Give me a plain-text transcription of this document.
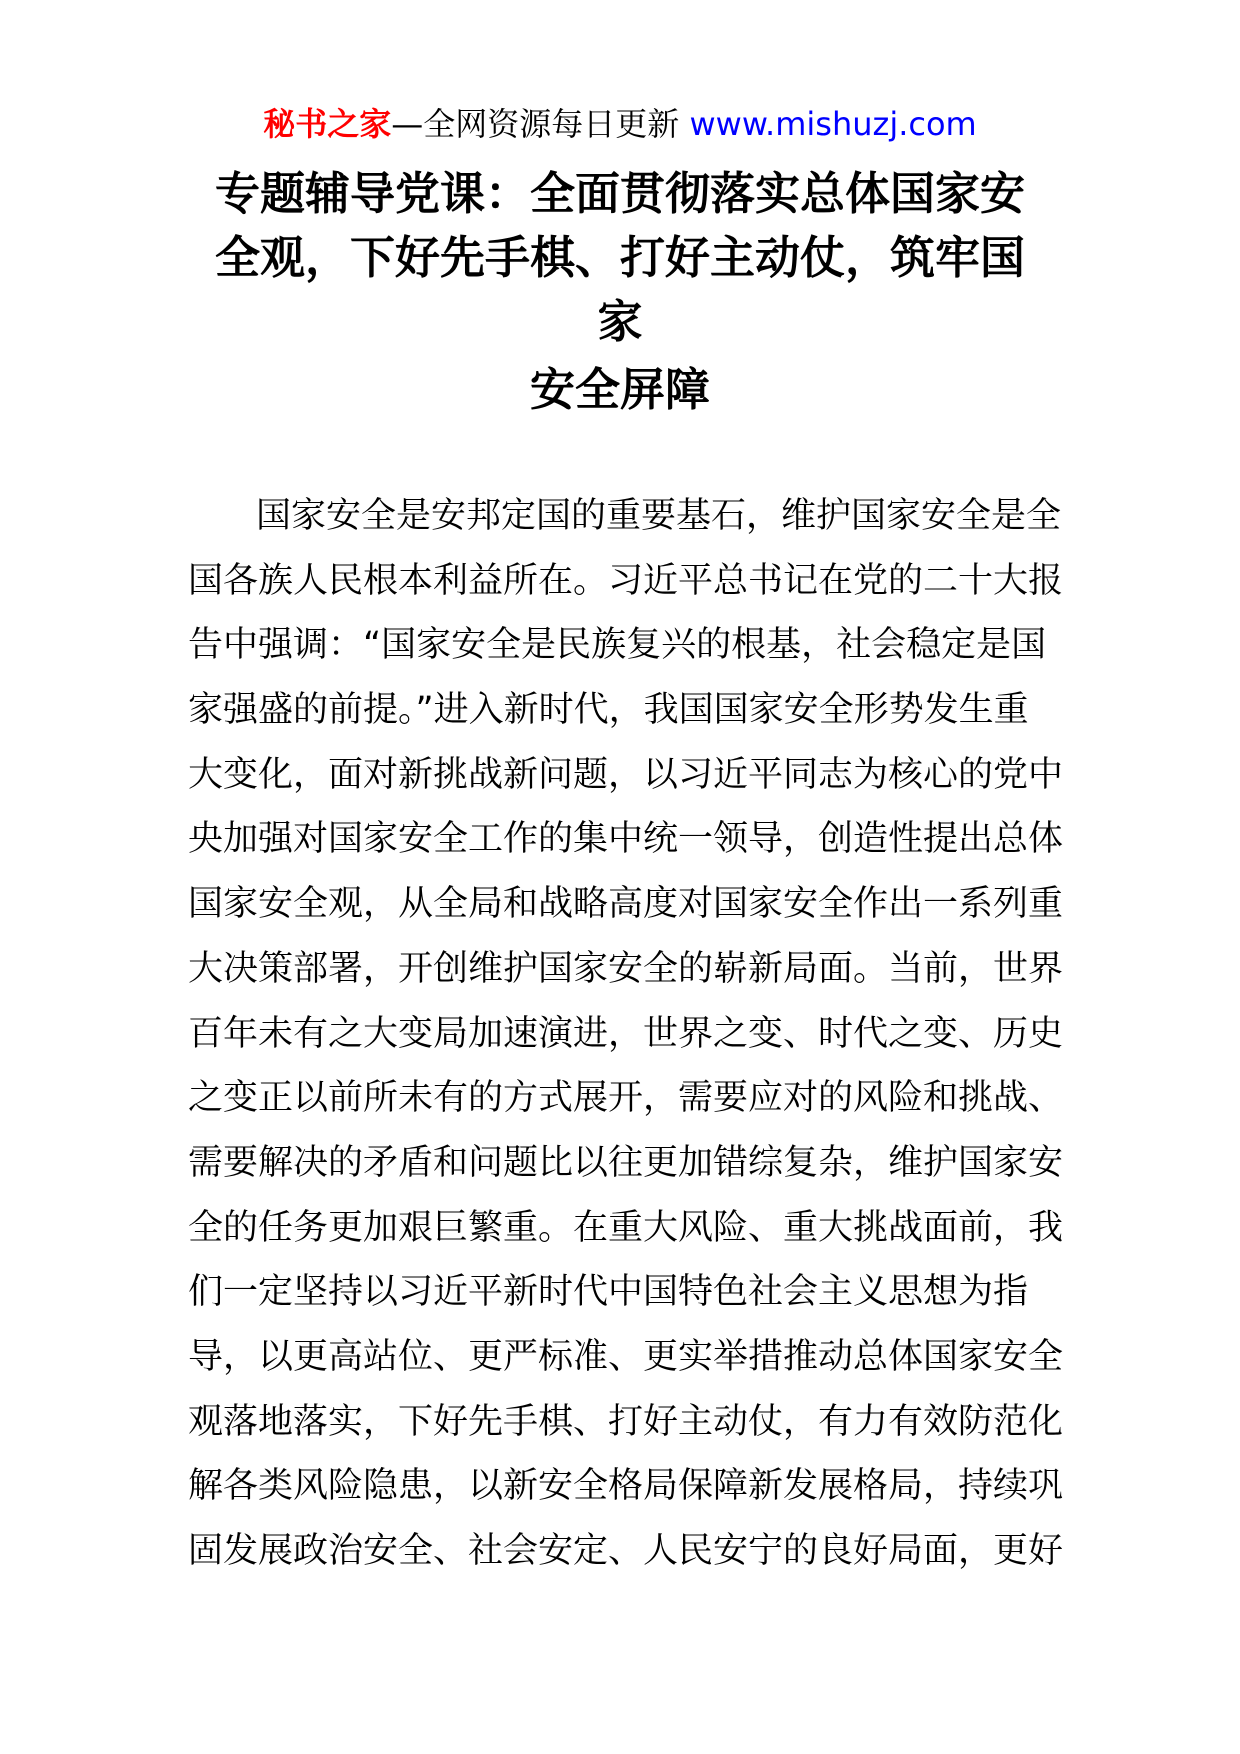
秘书之家—全网资源每日更新 www.mishuzj.com
专题辅导党课：全面贯彻落实总体国家安
全观，下好先手棋、打好主动仗，筑牢国
家
安全屏障
国家安全是安邦定国的重要基石，维护国家安全是全
国各族人民根本利益所在。习近平总书记在党的二十大报
告中强调：“国家安全是民族复兴的根基，社会稳定是国
家强盛的前提。”进入新时代，我国国家安全形势发生重
大变化，面对新挑战新问题，以习近平同志为核心的党中
央加强对国家安全工作的集中统一领导，创造性提出总体
国家安全观，从全局和战略高度对国家安全作出一系列重
大决策部署，开创维护国家安全的崭新局面。当前，世界
百年未有之大变局加速演进，世界之变、时代之变、历史
之变正以前所未有的方式展开，需要应对的风险和挑战、
需要解决的矛盾和问题比以往更加错综复杂，维护国家安
全的任务更加艰巨繁重。在重大风险、重大挑战面前，我
们一定坚持以习近平新时代中国特色社会主义思想为指
导，以更高站位、更严标准、更实举措推动总体国家安全
观落地落实，下好先手棋、打好主动仗，有力有效防范化
解各类风险隐患，以新安全格局保障新发展格局，持续巩
固发展政治安全、社会安定、人民安宁的良好局面，更好
